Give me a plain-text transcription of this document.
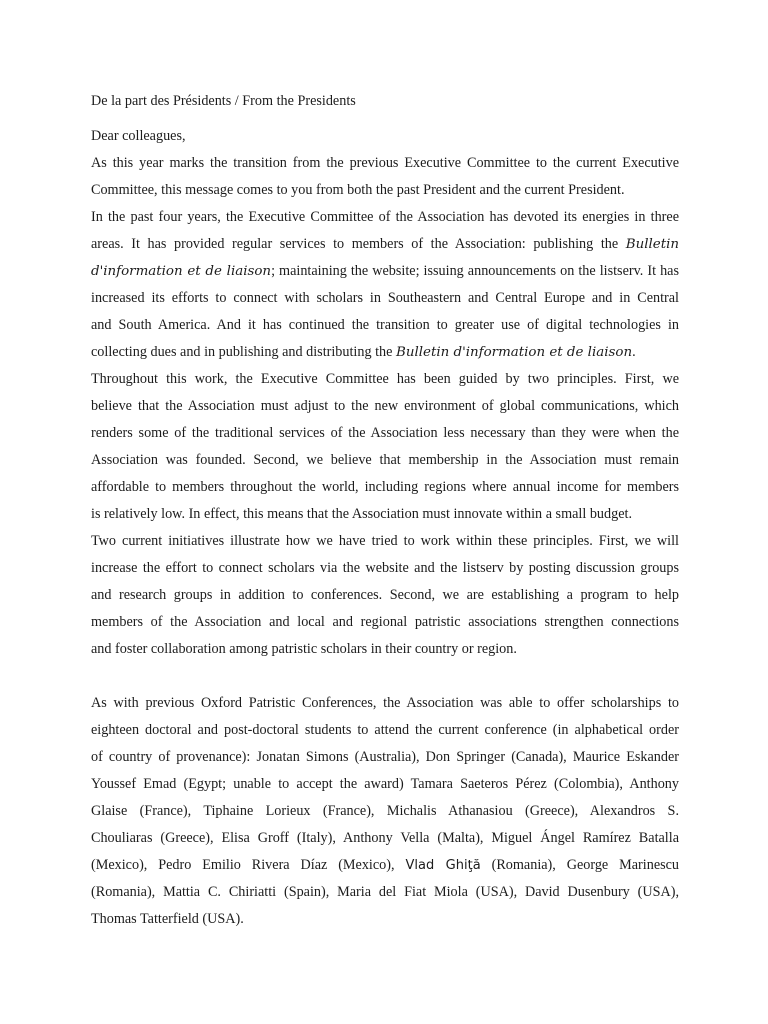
De la part des Présidents / From the Presidents
Dear colleagues,
As this year marks the transition from the previous Executive Committee to the current Executive
Committee, this message comes to you from both the past President and the current President.
In the past four years, the Executive Committee of the Association has devoted its energies in three
areas. It has provided regular services to members of the Association: publishing the Bulletin
d'information et de liaison; maintaining the website; issuing announcements on the listserv. It has
increased its efforts to connect with scholars in Southeastern and Central Europe and in Central
and South America. And it has continued the transition to greater use of digital technologies in
collecting dues and in publishing and distributing the Bulletin d'information et de liaison.
Throughout this work, the Executive Committee has been guided by two principles. First, we
believe that the Association must adjust to the new environment of global communications, which
renders some of the traditional services of the Association less necessary than they were when the
Association was founded. Second, we believe that membership in the Association must remain
affordable to members throughout the world, including regions where annual income for members
is relatively low. In effect, this means that the Association must innovate within a small budget.
Two current initiatives illustrate how we have tried to work within these principles. First, we will
increase the effort to connect scholars via the website and the listserv by posting discussion groups
and research groups in addition to conferences. Second, we are establishing a program to help
members of the Association and local and regional patristic associations strengthen connections
and foster collaboration among patristic scholars in their country or region.
As with previous Oxford Patristic Conferences, the Association was able to offer scholarships to
eighteen doctoral and post-doctoral students to attend the current conference (in alphabetical order
of country of provenance): Jonatan Simons (Australia), Don Springer (Canada), Maurice Eskander
Youssef Emad (Egypt; unable to accept the award) Tamara Saeteros Pérez (Colombia), Anthony
Glaise (France), Tiphaine Lorieux (France), Michalis Athanasiou (Greece), Alexandros S.
Chouliaras (Greece), Elisa Groff (Italy), Anthony Vella (Malta), Miguel Ángel Ramírez Batalla
(Mexico), Pedro Emilio Rivera Díaz (Mexico), Vlad Ghiţă (Romania), George Marinescu
(Romania), Mattia C. Chiriatti (Spain), Maria del Fiat Miola (USA), David Dusenbury (USA),
Thomas Tatterfield (USA).
